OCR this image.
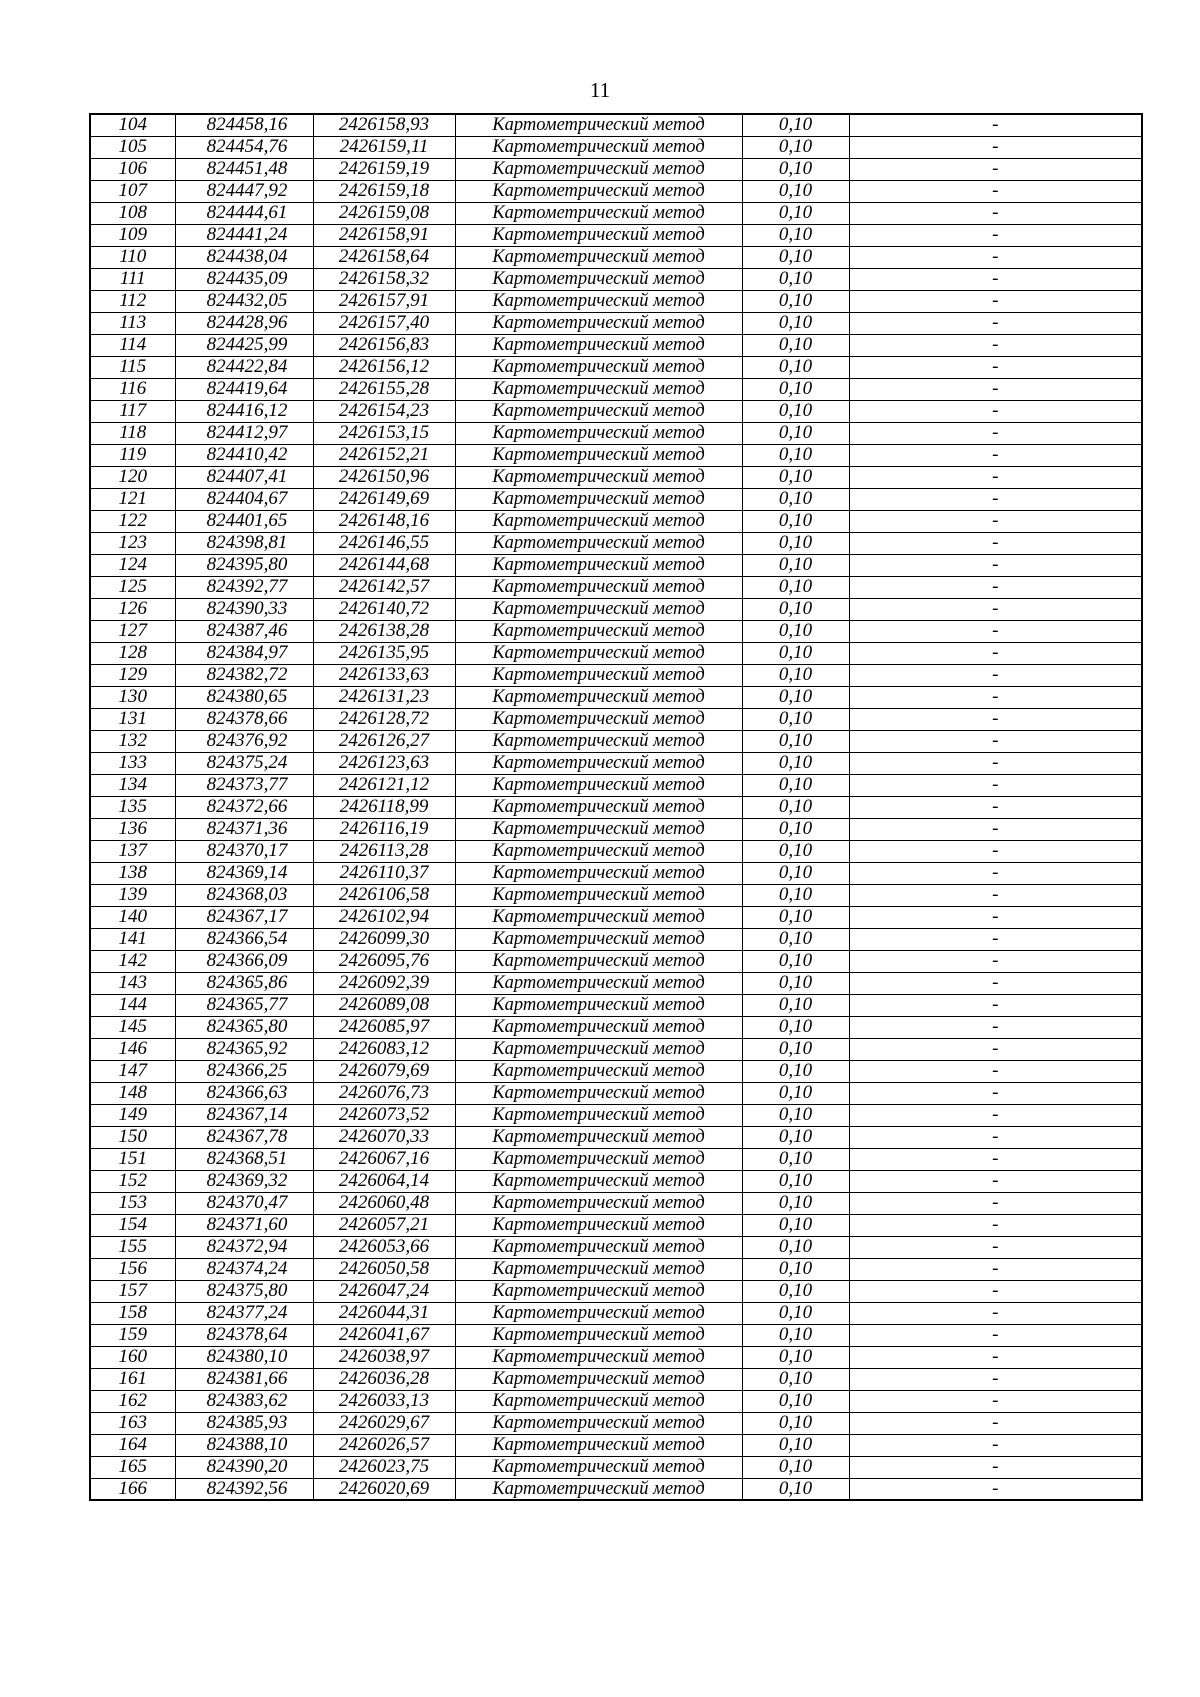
11
104	824458,16	2426158,93	Картометрический метод	0,10	-
105	824454,76	2426159,11	Картометрический метод	0,10	-
106	824451,48	2426159,19	Картометрический метод	0,10	-
107	824447,92	2426159,18	Картометрический метод	0,10	-
108	824444,61	2426159,08	Картометрический метод	0,10	-
109	824441,24	2426158,91	Картометрический метод	0,10	-
110	824438,04	2426158,64	Картометрический метод	0,10	-
111	824435,09	2426158,32	Картометрический метод	0,10	-
112	824432,05	2426157,91	Картометрический метод	0,10	-
113	824428,96	2426157,40	Картометрический метод	0,10	-
114	824425,99	2426156,83	Картометрический метод	0,10	-
115	824422,84	2426156,12	Картометрический метод	0,10	-
116	824419,64	2426155,28	Картометрический метод	0,10	-
117	824416,12	2426154,23	Картометрический метод	0,10	-
118	824412,97	2426153,15	Картометрический метод	0,10	-
119	824410,42	2426152,21	Картометрический метод	0,10	-
120	824407,41	2426150,96	Картометрический метод	0,10	-
121	824404,67	2426149,69	Картометрический метод	0,10	-
122	824401,65	2426148,16	Картометрический метод	0,10	-
123	824398,81	2426146,55	Картометрический метод	0,10	-
124	824395,80	2426144,68	Картометрический метод	0,10	-
125	824392,77	2426142,57	Картометрический метод	0,10	-
126	824390,33	2426140,72	Картометрический метод	0,10	-
127	824387,46	2426138,28	Картометрический метод	0,10	-
128	824384,97	2426135,95	Картометрический метод	0,10	-
129	824382,72	2426133,63	Картометрический метод	0,10	-
130	824380,65	2426131,23	Картометрический метод	0,10	-
131	824378,66	2426128,72	Картометрический метод	0,10	-
132	824376,92	2426126,27	Картометрический метод	0,10	-
133	824375,24	2426123,63	Картометрический метод	0,10	-
134	824373,77	2426121,12	Картометрический метод	0,10	-
135	824372,66	2426118,99	Картометрический метод	0,10	-
136	824371,36	2426116,19	Картометрический метод	0,10	-
137	824370,17	2426113,28	Картометрический метод	0,10	-
138	824369,14	2426110,37	Картометрический метод	0,10	-
139	824368,03	2426106,58	Картометрический метод	0,10	-
140	824367,17	2426102,94	Картометрический метод	0,10	-
141	824366,54	2426099,30	Картометрический метод	0,10	-
142	824366,09	2426095,76	Картометрический метод	0,10	-
143	824365,86	2426092,39	Картометрический метод	0,10	-
144	824365,77	2426089,08	Картометрический метод	0,10	-
145	824365,80	2426085,97	Картометрический метод	0,10	-
146	824365,92	2426083,12	Картометрический метод	0,10	-
147	824366,25	2426079,69	Картометрический метод	0,10	-
148	824366,63	2426076,73	Картометрический метод	0,10	-
149	824367,14	2426073,52	Картометрический метод	0,10	-
150	824367,78	2426070,33	Картометрический метод	0,10	-
151	824368,51	2426067,16	Картометрический метод	0,10	-
152	824369,32	2426064,14	Картометрический метод	0,10	-
153	824370,47	2426060,48	Картометрический метод	0,10	-
154	824371,60	2426057,21	Картометрический метод	0,10	-
155	824372,94	2426053,66	Картометрический метод	0,10	-
156	824374,24	2426050,58	Картометрический метод	0,10	-
157	824375,80	2426047,24	Картометрический метод	0,10	-
158	824377,24	2426044,31	Картометрический метод	0,10	-
159	824378,64	2426041,67	Картометрический метод	0,10	-
160	824380,10	2426038,97	Картометрический метод	0,10	-
161	824381,66	2426036,28	Картометрический метод	0,10	-
162	824383,62	2426033,13	Картометрический метод	0,10	-
163	824385,93	2426029,67	Картометрический метод	0,10	-
164	824388,10	2426026,57	Картометрический метод	0,10	-
165	824390,20	2426023,75	Картометрический метод	0,10	-
166	824392,56	2426020,69	Картометрический метод	0,10	-
